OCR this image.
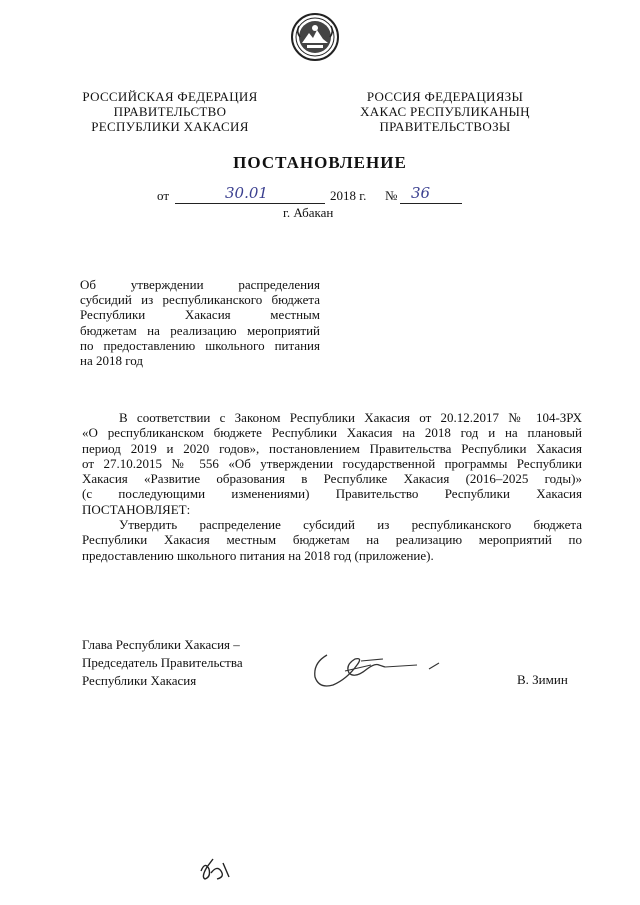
РОССИЙСКАЯ ФЕДЕРАЦИЯ
ПРАВИТЕЛЬСТВО
РЕСПУБЛИКИ ХАКАСИЯ
РОССИЯ ФЕДЕРАЦИЯЗЫ
ХАКАС РЕСПУБЛИКАНЫҢ
ПРАВИТЕЛЬСТВОЗЫ
ПОСТАНОВЛЕНИЕ
от	30.01	2018 г. № 36
г. Абакан
Об утверждении распределения
субсидий из республиканского бюджета
Республики Хакасия местным
бюджетам на реализацию мероприятий
по предоставлению школьного питания
на 2018 год
В соответствии с Законом Республики Хакасия от 20.12.2017 № 104-ЗРХ
«О республиканском бюджете Республики Хакасия на 2018 год и на плановый
период 2019 и 2020 годов», постановлением Правительства Республики Хакасия
от 27.10.2015 № 556 «Об утверждении государственной программы Республики
Хакасия «Развитие образования в Республике Хакасия (2016–2025 годы)»
(с последующими изменениями) Правительство Республики Хакасия
ПОСТАНОВЛЯЕТ:
Утвердить распределение субсидий из республиканского бюджета
Республики Хакасия местным бюджетам на реализацию мероприятий по
предоставлению школьного питания на 2018 год (приложение).
Глава Республики Хакасия –
Председатель Правительства
Республики Хакасия	В. Зимин
